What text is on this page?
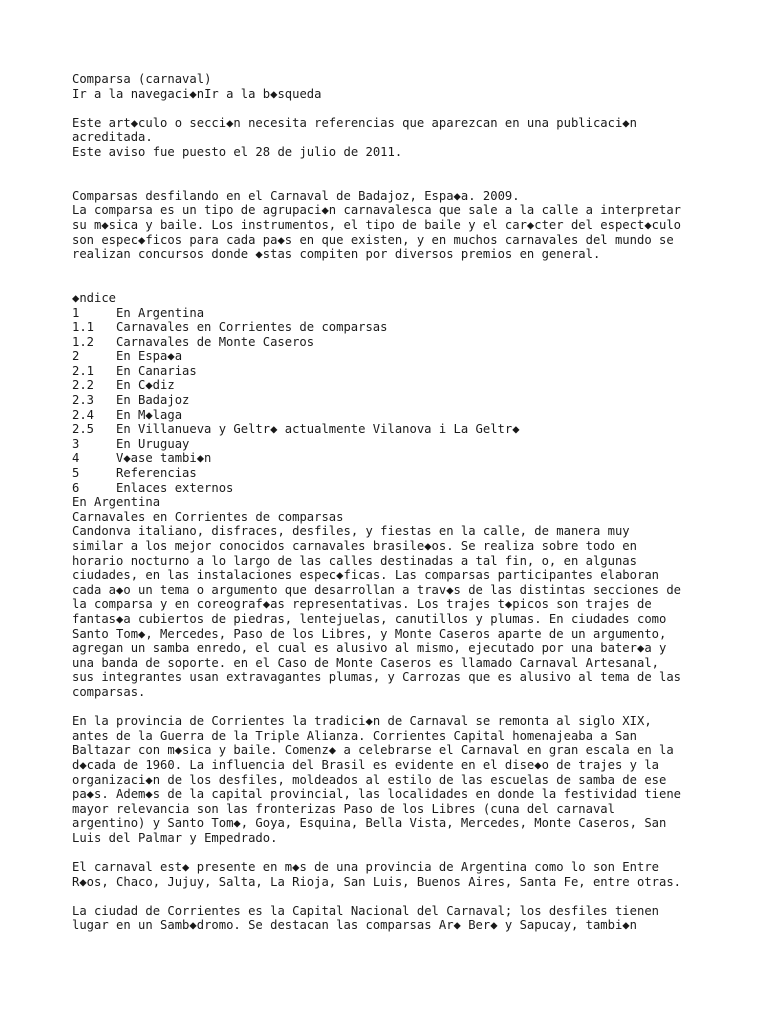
Comparsa (carnaval)
Ir a la navegaci◆nIr a la b◆squeda
Este art◆culo o secci◆n necesita referencias que aparezcan en una publicaci◆n
acreditada.
Este aviso fue puesto el 28 de julio de 2011.
Comparsas desfilando en el Carnaval de Badajoz, Espa◆a. 2009.
La comparsa es un tipo de agrupaci◆n carnavalesca que sale a la calle a interpretar
su m◆sica y baile. Los instrumentos, el tipo de baile y el car◆cter del espect◆culo
son espec◆ficos para cada pa◆s en que existen, y en muchos carnavales del mundo se
realizan concursos donde ◆stas compiten por diversos premios en general.
◆ndice
1	En Argentina
1.1	Carnavales en Corrientes de comparsas
1.2	Carnavales de Monte Caseros
2	En Espa◆a
2.1	En Canarias
2.2	En C◆diz
2.3	En Badajoz
2.4	En M◆laga
2.5	En Villanueva y Geltr◆ actualmente Vilanova i La Geltr◆
3	En Uruguay
4	V◆ase tambi◆n
5	Referencias
6	Enlaces externos
En Argentina
Carnavales en Corrientes de comparsas
Candonva italiano, disfraces, desfiles, y fiestas en la calle, de manera muy
similar a los mejor conocidos carnavales brasile◆os. Se realiza sobre todo en
horario nocturno a lo largo de las calles destinadas a tal fin, o, en algunas
ciudades, en las instalaciones espec◆ficas. Las comparsas participantes elaboran
cada a◆o un tema o argumento que desarrollan a trav◆s de las distintas secciones de
la comparsa y en coreograf◆as representativas. Los trajes t◆picos son trajes de
fantas◆a cubiertos de piedras, lentejuelas, canutillos y plumas. En ciudades como
Santo Tom◆, Mercedes, Paso de los Libres, y Monte Caseros aparte de un argumento,
agregan un samba enredo, el cual es alusivo al mismo, ejecutado por una bater◆a y
una banda de soporte. en el Caso de Monte Caseros es llamado Carnaval Artesanal,
sus integrantes usan extravagantes plumas, y Carrozas que es alusivo al tema de las
comparsas.
En la provincia de Corrientes la tradici◆n de Carnaval se remonta al siglo XIX,
antes de la Guerra de la Triple Alianza. Corrientes Capital homenajeaba a San
Baltazar con m◆sica y baile. Comenz◆ a celebrarse el Carnaval en gran escala en la
d◆cada de 1960. La influencia del Brasil es evidente en el dise◆o de trajes y la
organizaci◆n de los desfiles, moldeados al estilo de las escuelas de samba de ese
pa◆s. Adem◆s de la capital provincial, las localidades en donde la festividad tiene
mayor relevancia son las fronterizas Paso de los Libres (cuna del carnaval
argentino) y Santo Tom◆, Goya, Esquina, Bella Vista, Mercedes, Monte Caseros, San
Luis del Palmar y Empedrado.
El carnaval est◆ presente en m◆s de una provincia de Argentina como lo son Entre
R◆os, Chaco, Jujuy, Salta, La Rioja, San Luis, Buenos Aires, Santa Fe, entre otras.
La ciudad de Corrientes es la Capital Nacional del Carnaval; los desfiles tienen
lugar en un Samb◆dromo. Se destacan las comparsas Ar◆ Ber◆ y Sapucay, tambi◆n
